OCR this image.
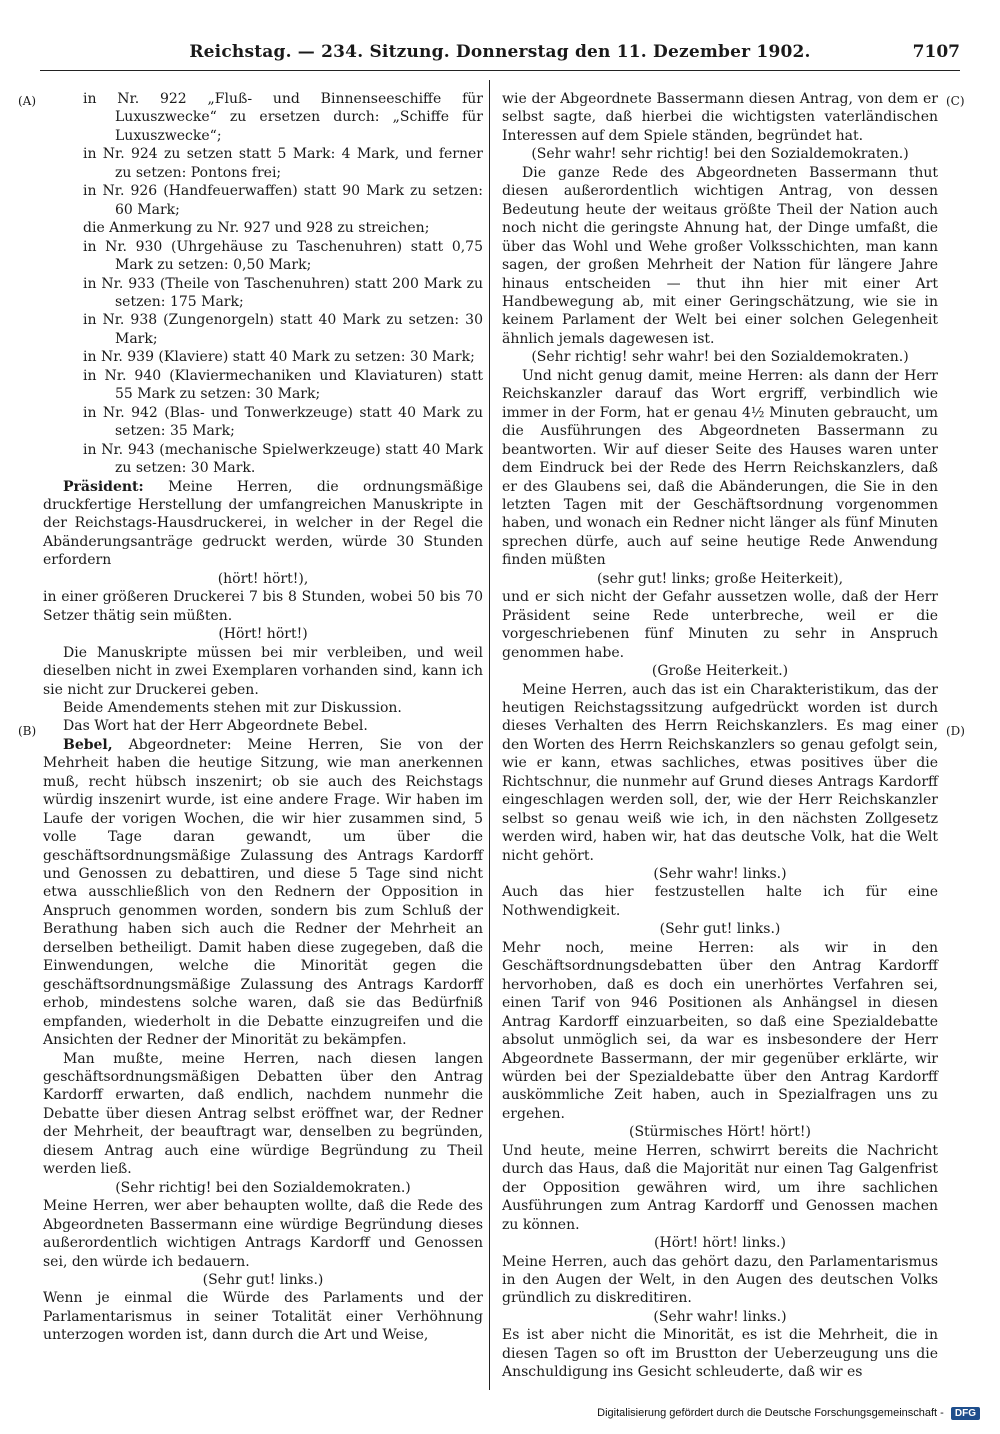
Reichstag. — 234. Sitzung. Donnerstag den 11. Dezember 1902.	7107
(A)
(B)
(C)
(D)

in Nr. 922 „Fluß- und Binnenseeschiffe für Luxuszwecke“ zu ersetzen durch: „Schiffe für Luxuszwecke“;

in Nr. 924 zu setzen statt 5 Mark: 4 Mark, und ferner zu setzen: Pontons frei;

in Nr. 926 (Handfeuerwaffen) statt 90 Mark zu setzen: 60 Mark;

die Anmerkung zu Nr. 927 und 928 zu streichen;

in Nr. 930 (Uhrgehäuse zu Taschenuhren) statt 0,75 Mark zu setzen: 0,50 Mark;

in Nr. 933 (Theile von Taschenuhren) statt 200 Mark zu setzen: 175 Mark;

in Nr. 938 (Zungenorgeln) statt 40 Mark zu setzen: 30 Mark;

in Nr. 939 (Klaviere) statt 40 Mark zu setzen: 30 Mark;

in Nr. 940 (Klaviermechaniken und Klaviaturen) statt 55 Mark zu setzen: 30 Mark;

in Nr. 942 (Blas- und Tonwerkzeuge) statt 40 Mark zu setzen: 35 Mark;

in Nr. 943 (mechanische Spielwerkzeuge) statt 40 Mark zu setzen: 30 Mark.

Präsident: Meine Herren, die ordnungsmäßige druckfertige Herstellung der umfangreichen Manuskripte in der Reichstags-Hausdruckerei, in welcher in der Regel die Abänderungsanträge gedruckt werden, würde 30 Stunden erfordern

(hört! hört!),

in einer größeren Druckerei 7 bis 8 Stunden, wobei 50 bis 70 Setzer thätig sein müßten.

(Hört! hört!)

Die Manuskripte müssen bei mir verbleiben, und weil dieselben nicht in zwei Exemplaren vorhanden sind, kann ich sie nicht zur Druckerei geben.

Beide Amendements stehen mit zur Diskussion.

Das Wort hat der Herr Abgeordnete Bebel.

Bebel, Abgeordneter: Meine Herren, Sie von der Mehrheit haben die heutige Sitzung, wie man anerkennen muß, recht hübsch inszenirt; ob sie auch des Reichstags würdig inszenirt wurde, ist eine andere Frage. Wir haben im Laufe der vorigen Wochen, die wir hier zusammen sind, 5 volle Tage daran gewandt, um über die geschäftsordnungsmäßige Zulassung des Antrags Kardorff und Genossen zu debattiren, und diese 5 Tage sind nicht etwa ausschließlich von den Rednern der Opposition in Anspruch genommen worden, sondern bis zum Schluß der Berathung haben sich auch die Redner der Mehrheit an derselben betheiligt. Damit haben diese zugegeben, daß die Einwendungen, welche die Minorität gegen die geschäftsordnungsmäßige Zulassung des Antrags Kardorff erhob, mindestens solche waren, daß sie das Bedürfniß empfanden, wiederholt in die Debatte einzugreifen und die Ansichten der Redner der Minorität zu bekämpfen.

Man mußte, meine Herren, nach diesen langen geschäftsordnungsmäßigen Debatten über den Antrag Kardorff erwarten, daß endlich, nachdem nunmehr die Debatte über diesen Antrag selbst eröffnet war, der Redner der Mehrheit, der beauftragt war, denselben zu begründen, diesem Antrag auch eine würdige Begründung zu Theil werden ließ.

(Sehr richtig! bei den Sozialdemokraten.)

Meine Herren, wer aber behaupten wollte, daß die Rede des Abgeordneten Bassermann eine würdige Begründung dieses außerordentlich wichtigen Antrags Kardorff und Genossen sei, den würde ich bedauern.

(Sehr gut! links.)

Wenn je einmal die Würde des Parlaments und der Parlamentarismus in seiner Totalität einer Verhöhnung unterzogen worden ist, dann durch die Art und Weise,

wie der Abgeordnete Bassermann diesen Antrag, von dem er selbst sagte, daß hierbei die wichtigsten vaterländischen Interessen auf dem Spiele ständen, begründet hat.

(Sehr wahr! sehr richtig! bei den Sozialdemokraten.)

Die ganze Rede des Abgeordneten Bassermann thut diesen außerordentlich wichtigen Antrag, von dessen Bedeutung heute der weitaus größte Theil der Nation auch noch nicht die geringste Ahnung hat, der Dinge umfaßt, die über das Wohl und Wehe großer Volksschichten, man kann sagen, der großen Mehrheit der Nation für längere Jahre hinaus entscheiden — thut ihn hier mit einer Art Handbewegung ab, mit einer Geringschätzung, wie sie in keinem Parlament der Welt bei einer solchen Gelegenheit ähnlich jemals dagewesen ist.

(Sehr richtig! sehr wahr! bei den Sozialdemokraten.)

Und nicht genug damit, meine Herren: als dann der Herr Reichskanzler darauf das Wort ergriff, verbindlich wie immer in der Form, hat er genau 4½ Minuten gebraucht, um die Ausführungen des Abgeordneten Bassermann zu beantworten. Wir auf dieser Seite des Hauses waren unter dem Eindruck bei der Rede des Herrn Reichskanzlers, daß er des Glaubens sei, daß die Abänderungen, die Sie in den letzten Tagen mit der Geschäftsordnung vorgenommen haben, und wonach ein Redner nicht länger als fünf Minuten sprechen dürfe, auch auf seine heutige Rede Anwendung finden müßten

(sehr gut! links; große Heiterkeit),

und er sich nicht der Gefahr aussetzen wolle, daß der Herr Präsident seine Rede unterbreche, weil er die vorgeschriebenen fünf Minuten zu sehr in Anspruch genommen habe.

(Große Heiterkeit.)

Meine Herren, auch das ist ein Charakteristikum, das der heutigen Reichstagssitzung aufgedrückt worden ist durch dieses Verhalten des Herrn Reichskanzlers. Es mag einer den Worten des Herrn Reichskanzlers so genau gefolgt sein, wie er kann, etwas sachliches, etwas positives über die Richtschnur, die nunmehr auf Grund dieses Antrags Kardorff eingeschlagen werden soll, der, wie der Herr Reichskanzler selbst so genau weiß wie ich, in den nächsten Zollgesetz werden wird, haben wir, hat das deutsche Volk, hat die Welt nicht gehört.

(Sehr wahr! links.)

Auch das hier festzustellen halte ich für eine Nothwendigkeit.

(Sehr gut! links.)

Mehr noch, meine Herren: als wir in den Geschäftsordnungsdebatten über den Antrag Kardorff hervorhoben, daß es doch ein unerhörtes Verfahren sei, einen Tarif von 946 Positionen als Anhängsel in diesen Antrag Kardorff einzuarbeiten, so daß eine Spezialdebatte absolut unmöglich sei, da war es insbesondere der Herr Abgeordnete Bassermann, der mir gegenüber erklärte, wir würden bei der Spezialdebatte über den Antrag Kardorff auskömmliche Zeit haben, auch in Spezialfragen uns zu ergehen.

(Stürmisches Hört! hört!)

Und heute, meine Herren, schwirrt bereits die Nachricht durch das Haus, daß die Majorität nur einen Tag Galgenfrist der Opposition gewähren wird, um ihre sachlichen Ausführungen zum Antrag Kardorff und Genossen machen zu können.

(Hört! hört! links.)

Meine Herren, auch das gehört dazu, den Parlamentarismus in den Augen der Welt, in den Augen des deutschen Volks gründlich zu diskreditiren.

(Sehr wahr! links.)

Es ist aber nicht die Minorität, es ist die Mehrheit, die in diesen Tagen so oft im Brustton der Ueberzeugung uns die Anschuldigung ins Gesicht schleuderte, daß wir es

Digitalisierung gefördert durch die Deutsche Forschungsgemeinschaft - DFG
